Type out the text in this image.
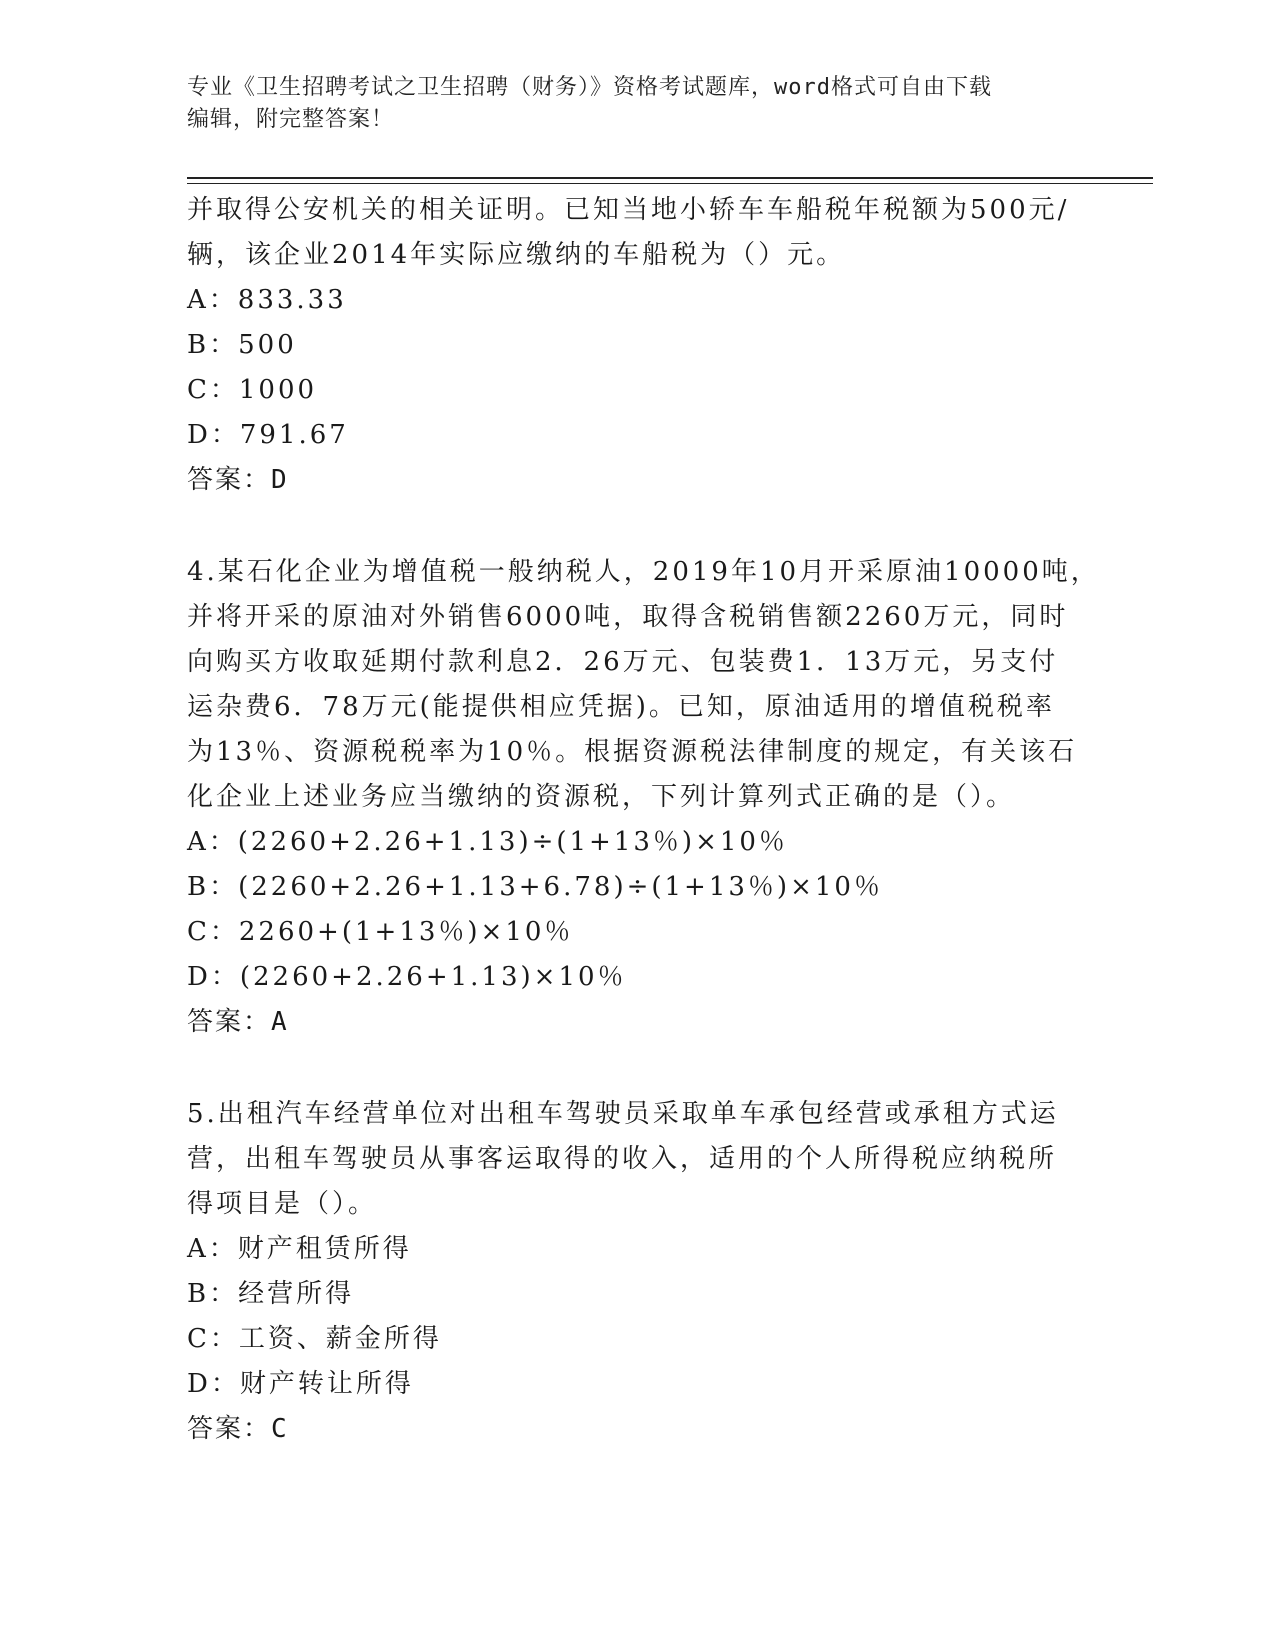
专业《卫生招聘考试之卫生招聘（财务）》资格考试题库，word格式可自由下载
编辑，附完整答案！
并取得公安机关的相关证明。已知当地小轿车车船税年税额为500元/
辆，该企业2014年实际应缴纳的车船税为（）元。
A：833.33
B：500
C：1000
D：791.67
答案：D
4.某石化企业为增值税一般纳税人，2019年10月开采原油10000吨，
并将开采的原油对外销售6000吨，取得含税销售额2260万元，同时
向购买方收取延期付款利息2．26万元、包装费1．13万元，另支付
运杂费6．78万元(能提供相应凭据)。已知，原油适用的增值税税率
为13％、资源税税率为10％。根据资源税法律制度的规定，有关该石
化企业上述业务应当缴纳的资源税，下列计算列式正确的是（）。
A：(2260+2.26+1.13)÷(1+13％)×10％
B：(2260+2.26+1.13+6.78)÷(1+13％)×10％
C：2260+(1+13％)×10％
D：(2260+2.26+1.13)×10％
答案：A
5.出租汽车经营单位对出租车驾驶员采取单车承包经营或承租方式运
营，出租车驾驶员从事客运取得的收入，适用的个人所得税应纳税所
得项目是（）。
A：财产租赁所得
B：经营所得
C：工资、薪金所得
D：财产转让所得
答案：C
